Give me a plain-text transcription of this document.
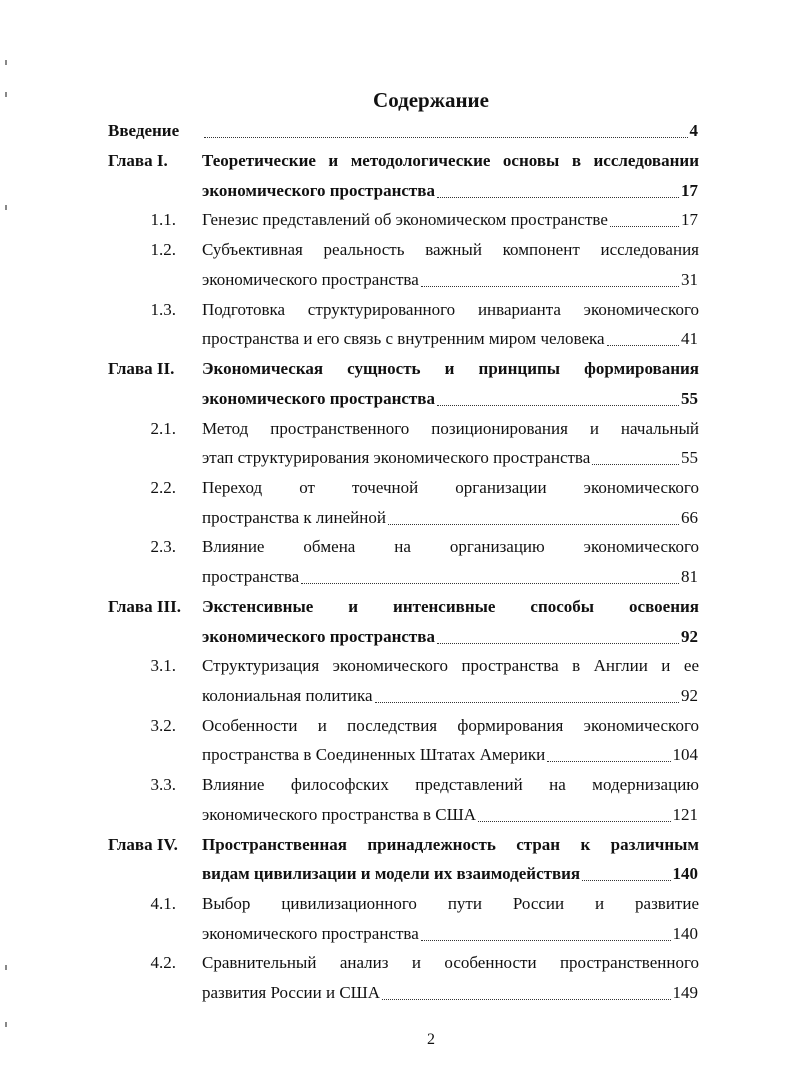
Содержание
Введение	4
Глава I. Теоретические и методологические основы в исследовании
экономического пространства	17
1.1. Генезис представлений об экономическом пространстве	17
1.2. Субъективная реальность важный компонент исследования
экономического пространства	31
1.3. Подготовка структурированного инварианта экономического
пространства и его связь с внутренним миром человека	41
Глава II. Экономическая сущность и принципы формирования
экономического пространства	55
2.1. Метод пространственного позиционирования и начальный
этап структурирования экономического пространства	55
2.2. Переход от точечной организации экономического
пространства к линейной	66
2.3. Влияние обмена на организацию экономического
пространства	81
Глава III. Экстенсивные и интенсивные способы освоения
экономического пространства	92
3.1. Структуризация экономического пространства в Англии и ее
колониальная политика	92
3.2. Особенности и последствия формирования экономического
пространства в Соединенных Штатах Америки	104
3.3. Влияние философских представлений на модернизацию
экономического пространства в США	121
Глава IV. Пространственная принадлежность стран к различным
видам цивилизации и модели их взаимодействия	140
4.1. Выбор цивилизационного пути России и развитие
экономического пространства	140
4.2. Сравнительный анализ и особенности пространственного
развития России и США	149
2
